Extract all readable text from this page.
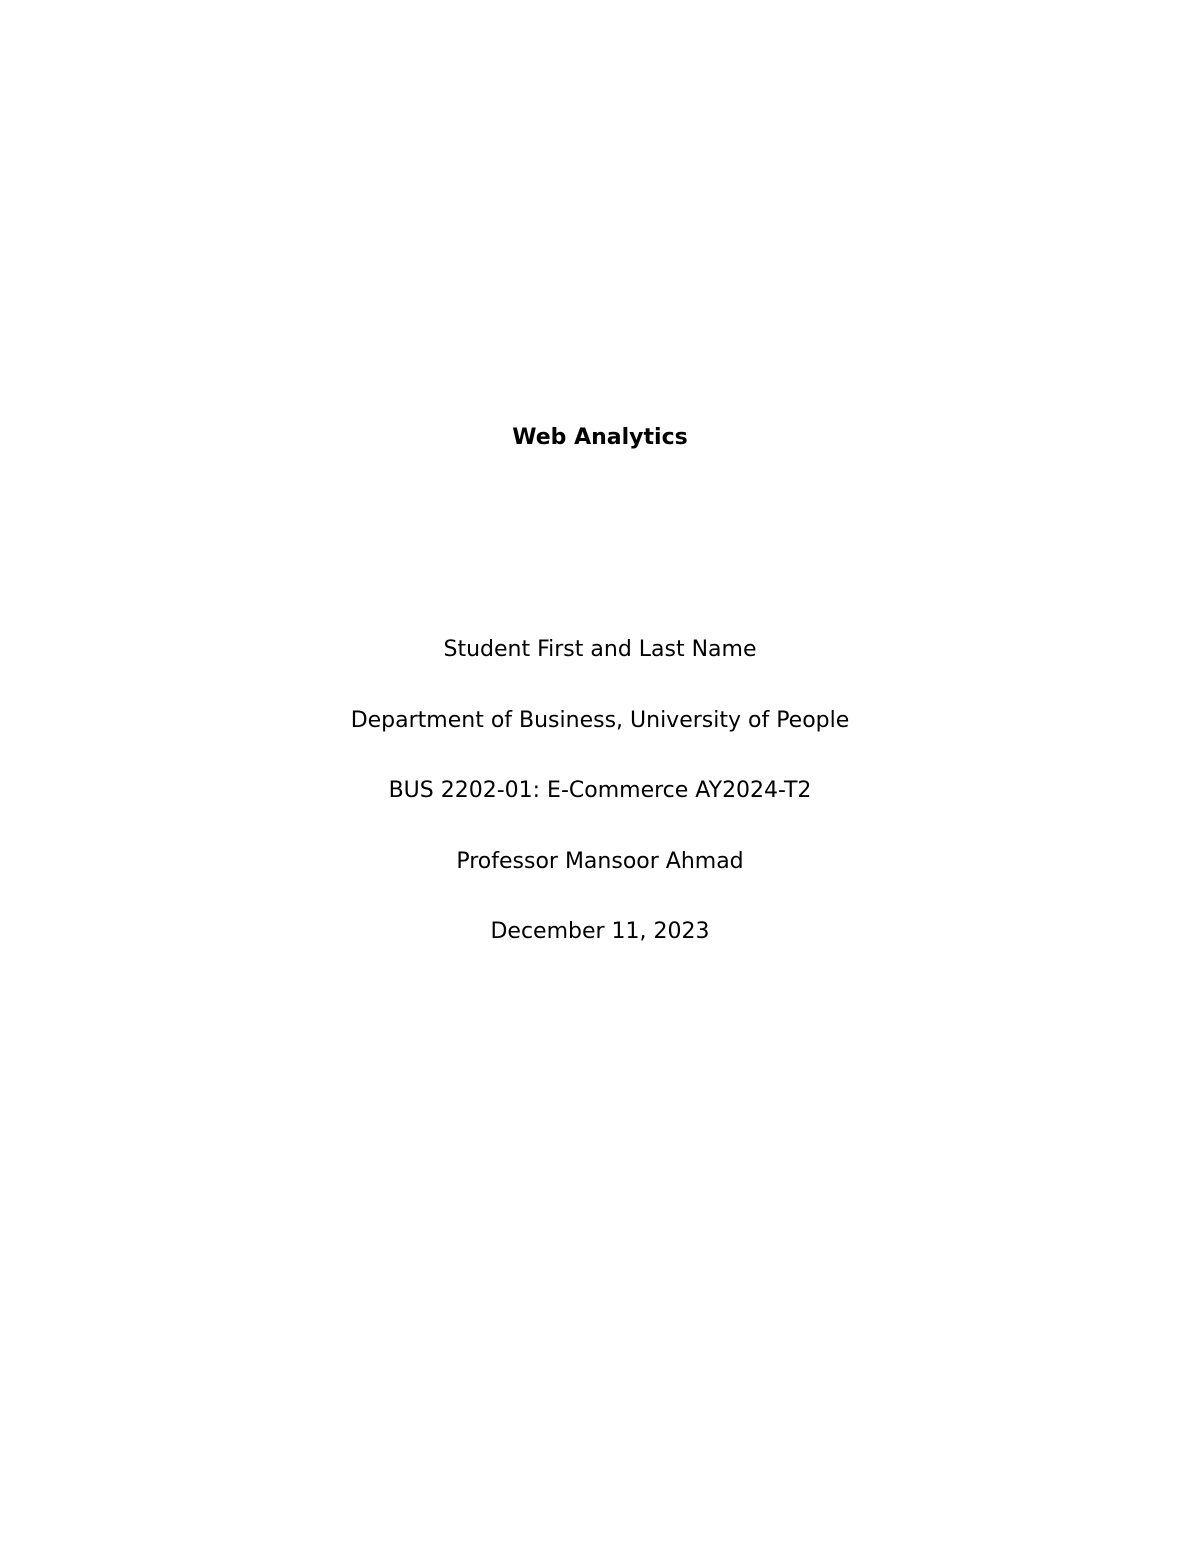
Web Analytics

Student First and Last Name

Department of Business, University of People

BUS 2202-01: E-Commerce AY2024-T2

Professor Mansoor Ahmad

December 11, 2023
